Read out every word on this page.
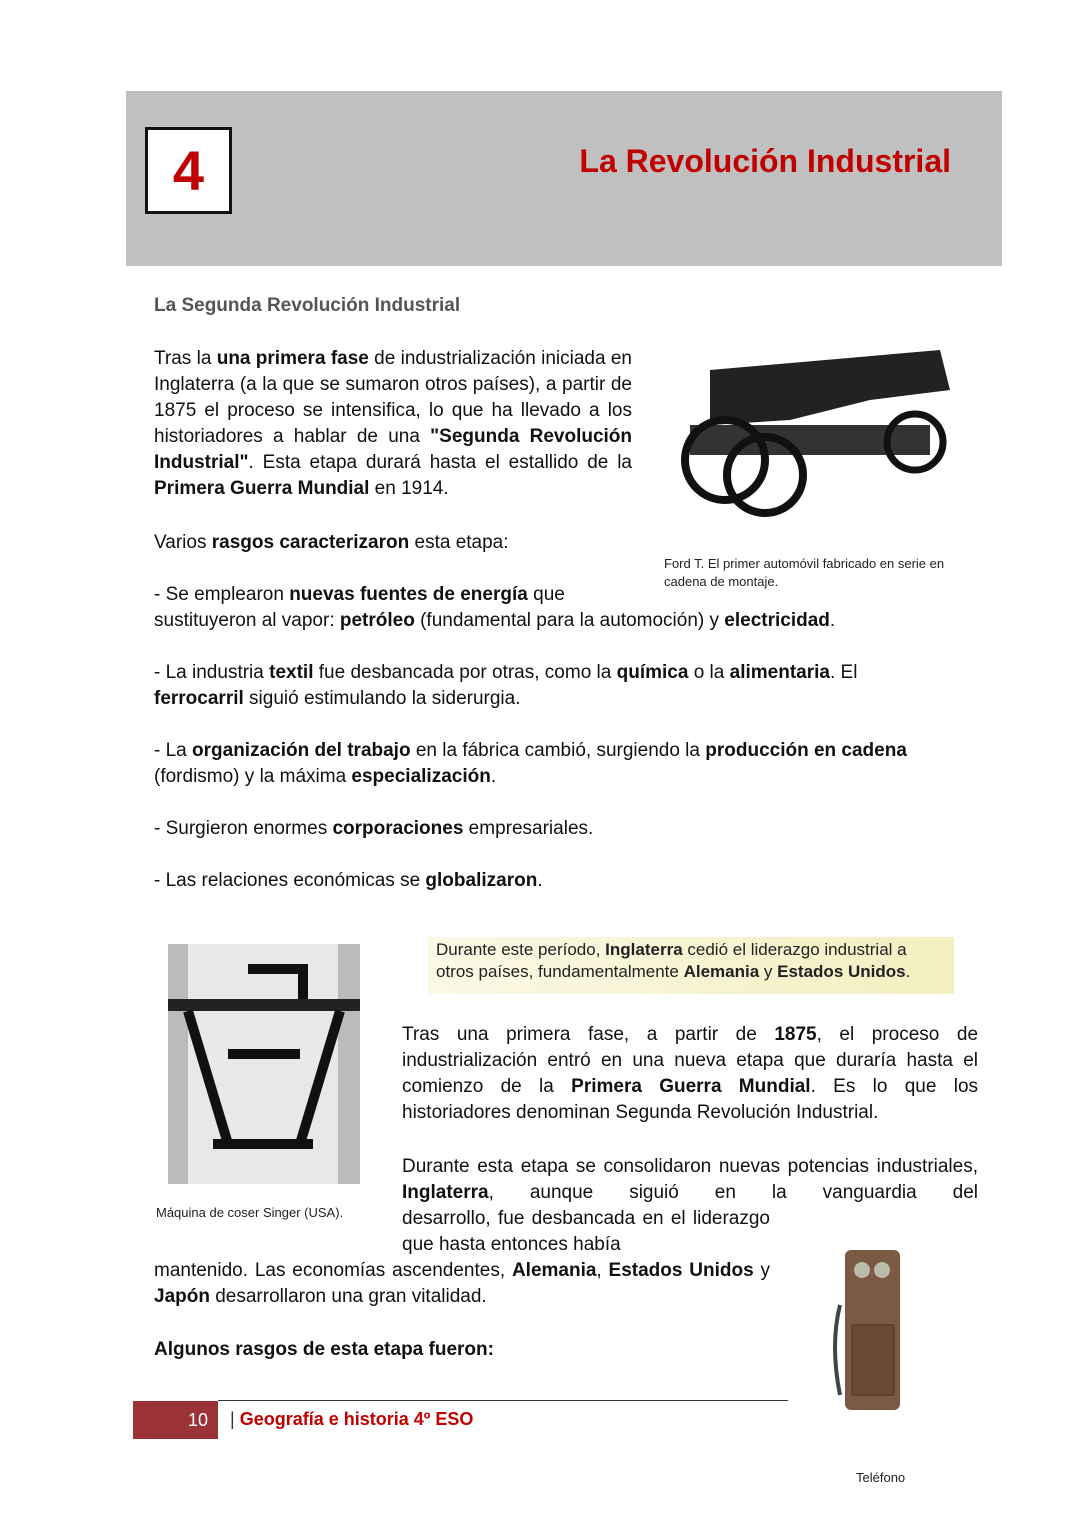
4	La Revolución Industrial
La Segunda Revolución Industrial
Tras la una primera fase de industrialización iniciada en Inglaterra (a la que se sumaron otros países), a partir de 1875 el proceso se intensifica, lo que ha llevado a los historiadores a hablar de una "Segunda Revolución Industrial". Esta etapa durará hasta el estallido de la Primera Guerra Mundial en 1914.
Varios rasgos caracterizaron esta etapa:
Ford T. El primer automóvil fabricado en serie en cadena de montaje.
- Se emplearon nuevas fuentes de energía que
sustituyeron al vapor: petróleo (fundamental para la automoción) y electricidad.
- La industria textil fue desbancada por otras, como la química o la alimentaria. El ferrocarril siguió estimulando la siderurgia.
- La organización del trabajo en la fábrica cambió, surgiendo la producción en cadena (fordismo) y la máxima especialización.
- Surgieron enormes corporaciones empresariales.
- Las relaciones económicas se globalizaron.
Máquina de coser Singer (USA).
Durante este período, Inglaterra cedió el liderazgo industrial a otros países, fundamentalmente Alemania y Estados Unidos.
Tras una primera fase, a partir de 1875, el proceso de industrialización entró en una nueva etapa que duraría hasta el comienzo de la Primera Guerra Mundial. Es lo que los historiadores denominan Segunda Revolución Industrial.
Durante esta etapa se consolidaron nuevas potencias industriales, Inglaterra, aunque siguió en la vanguardia del
desarrollo, fue desbancada en el liderazgo que hasta entonces había
mantenido. Las economías ascendentes, Alemania, Estados Unidos y Japón desarrollaron una gran vitalidad.
Algunos rasgos de esta etapa fueron:
Teléfono
10	| Geografía e historia 4º ESO
